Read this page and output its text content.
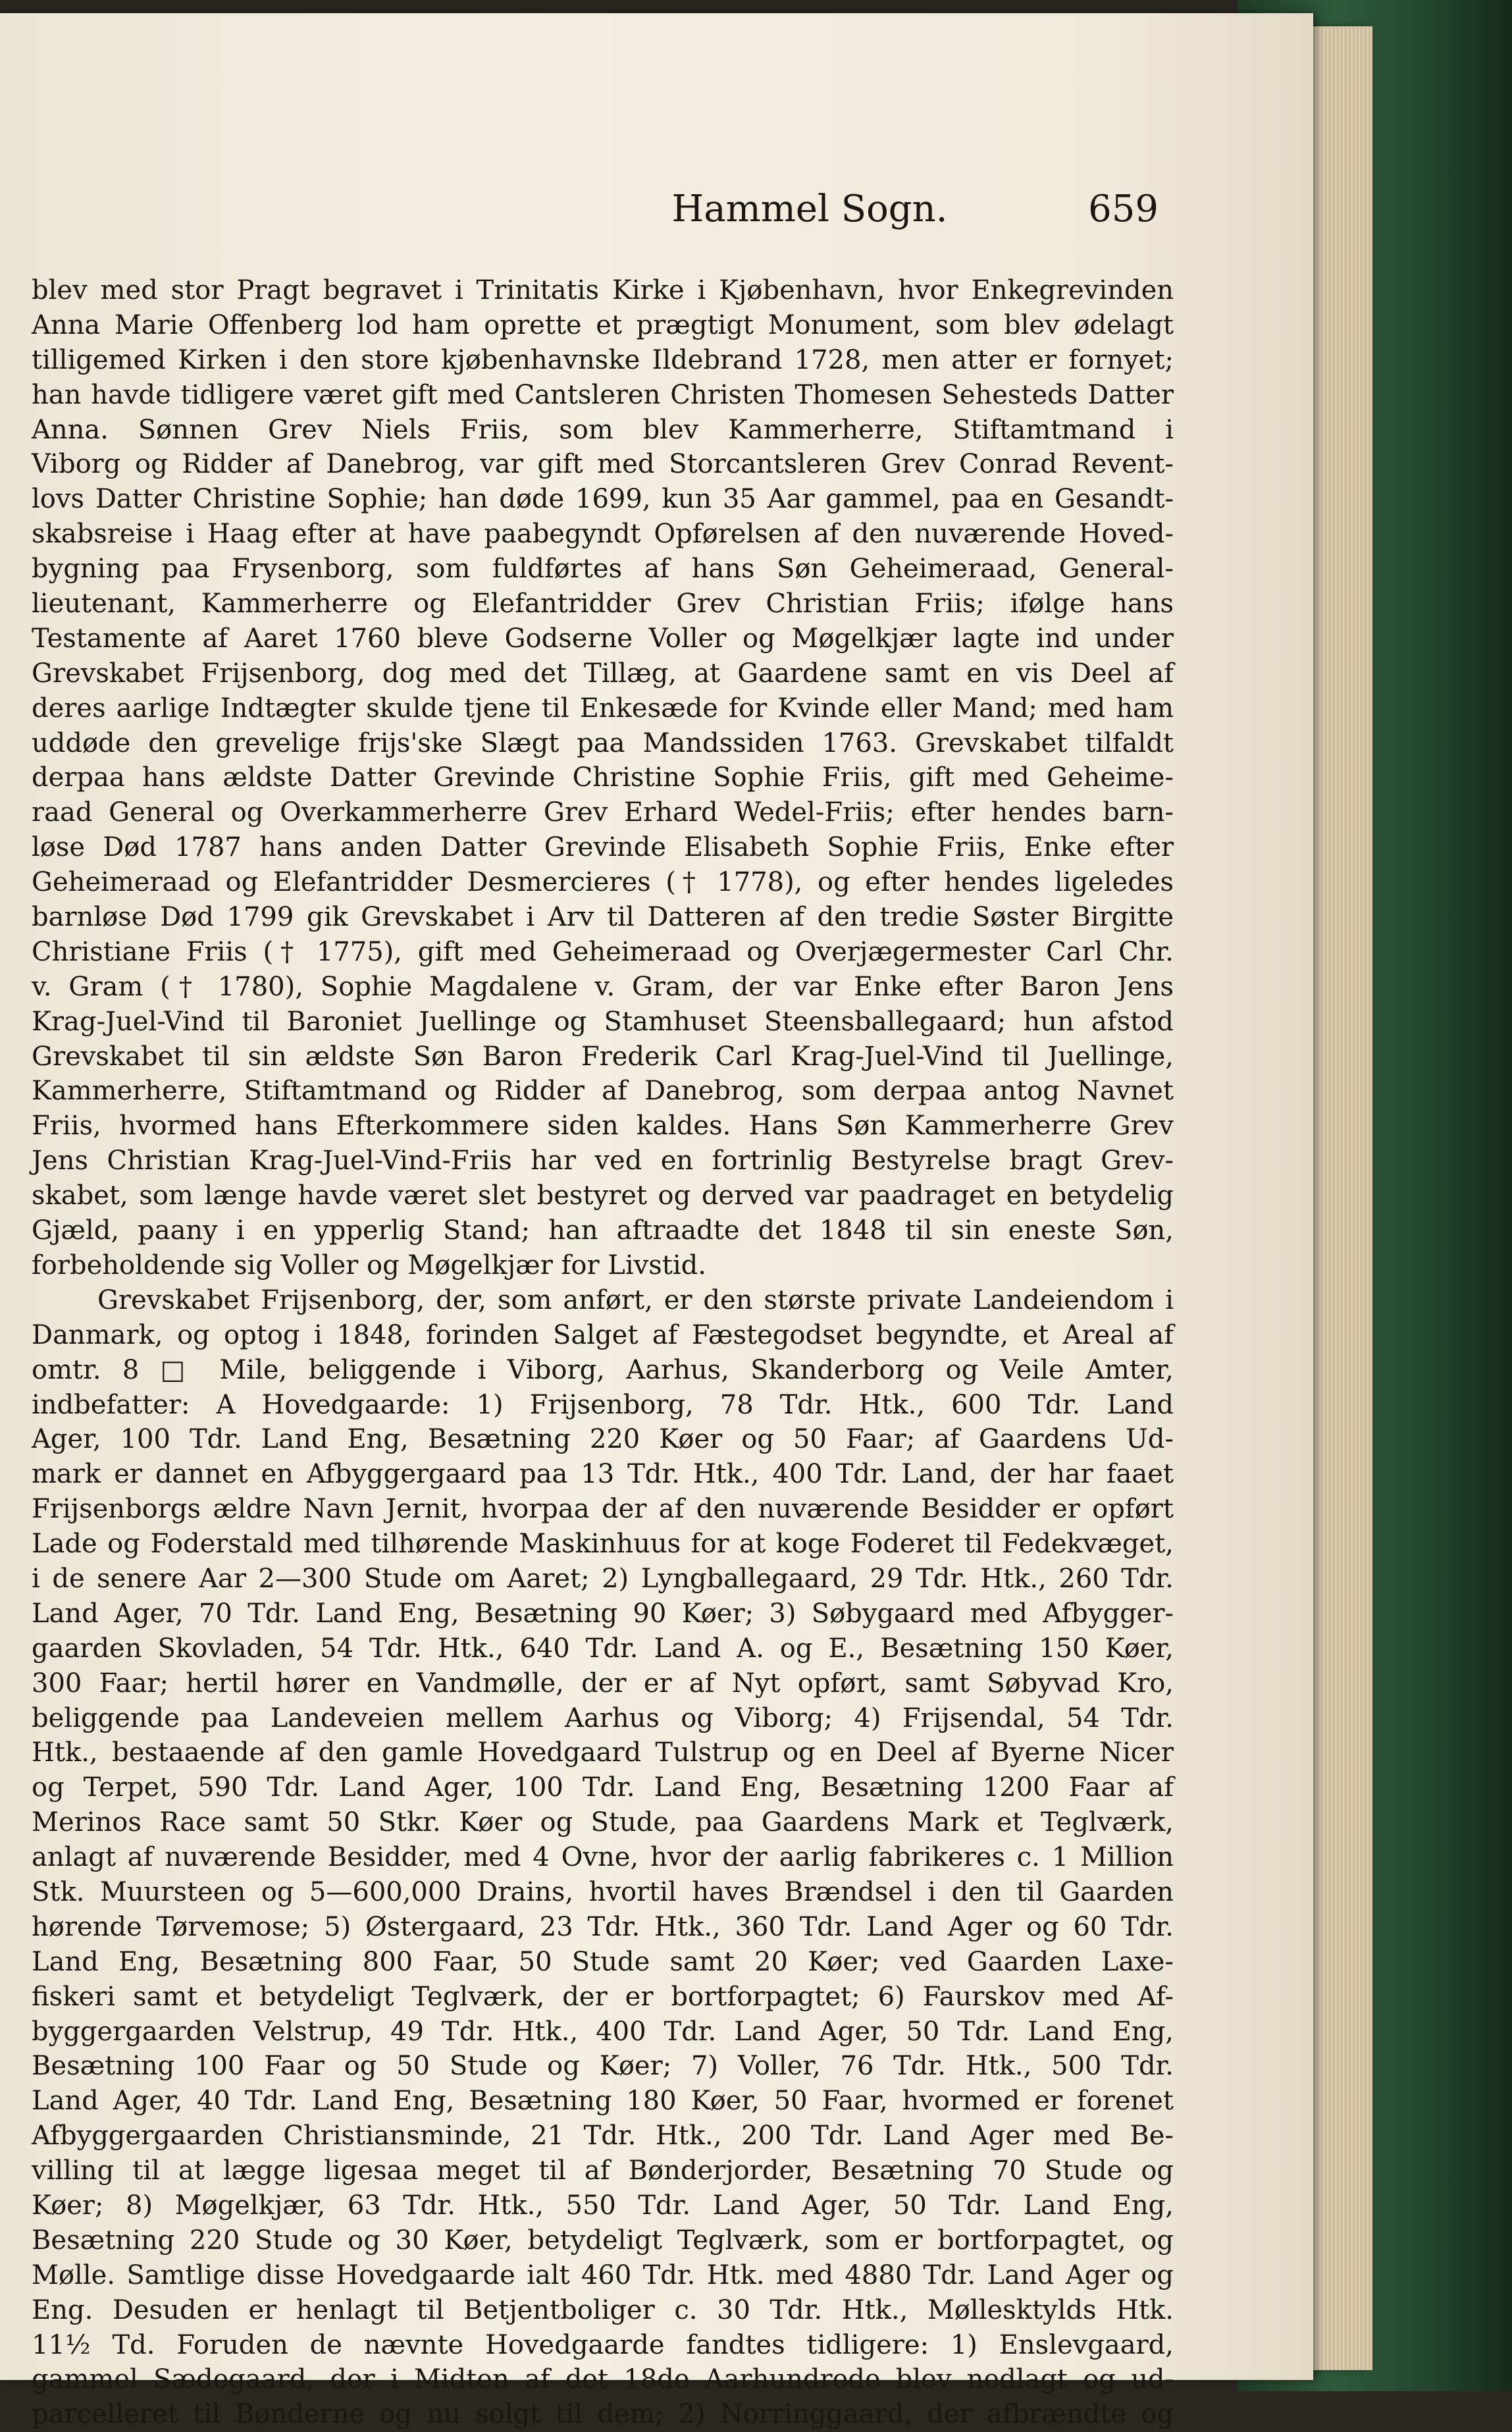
Hammel Sogn.	659
blev med stor Pragt begravet i Trinitatis Kirke i Kjøbenhavn, hvor Enkegrevinden
Anna Marie Offenberg lod ham oprette et prægtigt Monument, som blev ødelagt
tilligemed Kirken i den store kjøbenhavnske Ildebrand 1728, men atter er fornyet;
han havde tidligere været gift med Cantsleren Christen Thomesen Sehesteds Datter
Anna. Sønnen Grev Niels Friis, som blev Kammerherre, Stiftamtmand i
Viborg og Ridder af Danebrog, var gift med Storcantsleren Grev Conrad Revent-
lovs Datter Christine Sophie; han døde 1699, kun 35 Aar gammel, paa en Gesandt-
skabsreise i Haag efter at have paabegyndt Opførelsen af den nuværende Hoved-
bygning paa Frysenborg, som fuldførtes af hans Søn Geheimeraad, General-
lieutenant, Kammerherre og Elefantridder Grev Christian Friis; ifølge hans
Testamente af Aaret 1760 bleve Godserne Voller og Møgelkjær lagte ind under
Grevskabet Frijsenborg, dog med det Tillæg, at Gaardene samt en vis Deel af
deres aarlige Indtægter skulde tjene til Enkesæde for Kvinde eller Mand; med ham
uddøde den grevelige frijs'ske Slægt paa Mandssiden 1763. Grevskabet tilfaldt
derpaa hans ældste Datter Grevinde Christine Sophie Friis, gift med Geheime-
raad General og Overkammerherre Grev Erhard Wedel-Friis; efter hendes barn-
løse Død 1787 hans anden Datter Grevinde Elisabeth Sophie Friis, Enke efter
Geheimeraad og Elefantridder Desmercieres († 1778), og efter hendes ligeledes
barnløse Død 1799 gik Grevskabet i Arv til Datteren af den tredie Søster Birgitte
Christiane Friis († 1775), gift med Geheimeraad og Overjægermester Carl Chr.
v. Gram († 1780), Sophie Magdalene v. Gram, der var Enke efter Baron Jens
Krag-Juel-Vind til Baroniet Juellinge og Stamhuset Steensballegaard; hun afstod
Grevskabet til sin ældste Søn Baron Frederik Carl Krag-Juel-Vind til Juellinge,
Kammerherre, Stiftamtmand og Ridder af Danebrog, som derpaa antog Navnet
Friis, hvormed hans Efterkommere siden kaldes. Hans Søn Kammerherre Grev
Jens Christian Krag-Juel-Vind-Friis har ved en fortrinlig Bestyrelse bragt Grev-
skabet, som længe havde været slet bestyret og derved var paadraget en betydelig
Gjæld, paany i en ypperlig Stand; han aftraadte det 1848 til sin eneste Søn,
forbeholdende sig Voller og Møgelkjær for Livstid.
Grevskabet Frijsenborg, der, som anført, er den største private Landeiendom i
Danmark, og optog i 1848, forinden Salget af Fæstegodset begyndte, et Areal af
omtr. 8 □ Mile, beliggende i Viborg, Aarhus, Skanderborg og Veile Amter,
indbefatter: A Hovedgaarde: 1) Frijsenborg, 78 Tdr. Htk., 600 Tdr. Land
Ager, 100 Tdr. Land Eng, Besætning 220 Køer og 50 Faar; af Gaardens Ud-
mark er dannet en Afbyggergaard paa 13 Tdr. Htk., 400 Tdr. Land, der har faaet
Frijsenborgs ældre Navn Jernit, hvorpaa der af den nuværende Besidder er opført
Lade og Foderstald med tilhørende Maskinhuus for at koge Foderet til Fedekvæget,
i de senere Aar 2—300 Stude om Aaret; 2) Lyngballegaard, 29 Tdr. Htk., 260 Tdr.
Land Ager, 70 Tdr. Land Eng, Besætning 90 Køer; 3) Søbygaard med Afbygger-
gaarden Skovladen, 54 Tdr. Htk., 640 Tdr. Land A. og E., Besætning 150 Køer,
300 Faar; hertil hører en Vandmølle, der er af Nyt opført, samt Søbyvad Kro,
beliggende paa Landeveien mellem Aarhus og Viborg; 4) Frijsendal, 54 Tdr.
Htk., bestaaende af den gamle Hovedgaard Tulstrup og en Deel af Byerne Nicer
og Terpet, 590 Tdr. Land Ager, 100 Tdr. Land Eng, Besætning 1200 Faar af
Merinos Race samt 50 Stkr. Køer og Stude, paa Gaardens Mark et Teglværk,
anlagt af nuværende Besidder, med 4 Ovne, hvor der aarlig fabrikeres c. 1 Million
Stk. Muursteen og 5—600,000 Drains, hvortil haves Brændsel i den til Gaarden
hørende Tørvemose; 5) Østergaard, 23 Tdr. Htk., 360 Tdr. Land Ager og 60 Tdr.
Land Eng, Besætning 800 Faar, 50 Stude samt 20 Køer; ved Gaarden Laxe-
fiskeri samt et betydeligt Teglværk, der er bortforpagtet; 6) Faurskov med Af-
byggergaarden Velstrup, 49 Tdr. Htk., 400 Tdr. Land Ager, 50 Tdr. Land Eng,
Besætning 100 Faar og 50 Stude og Køer; 7) Voller, 76 Tdr. Htk., 500 Tdr.
Land Ager, 40 Tdr. Land Eng, Besætning 180 Køer, 50 Faar, hvormed er forenet
Afbyggergaarden Christiansminde, 21 Tdr. Htk., 200 Tdr. Land Ager med Be-
villing til at lægge ligesaa meget til af Bønderjorder, Besætning 70 Stude og
Køer; 8) Møgelkjær, 63 Tdr. Htk., 550 Tdr. Land Ager, 50 Tdr. Land Eng,
Besætning 220 Stude og 30 Køer, betydeligt Teglværk, som er bortforpagtet, og
Mølle. Samtlige disse Hovedgaarde ialt 460 Tdr. Htk. med 4880 Tdr. Land Ager og
Eng. Desuden er henlagt til Betjentboliger c. 30 Tdr. Htk., Møllesktylds Htk.
11½ Td. Foruden de nævnte Hovedgaarde fandtes tidligere: 1) Enslevgaard,
gammel Sædegaard, der i Midten af det 18de Aarhundrede blev nedlagt og ud-
parcelleret til Bønderne og nu solgt til dem; 2) Norringgaard, der afbrændte og
